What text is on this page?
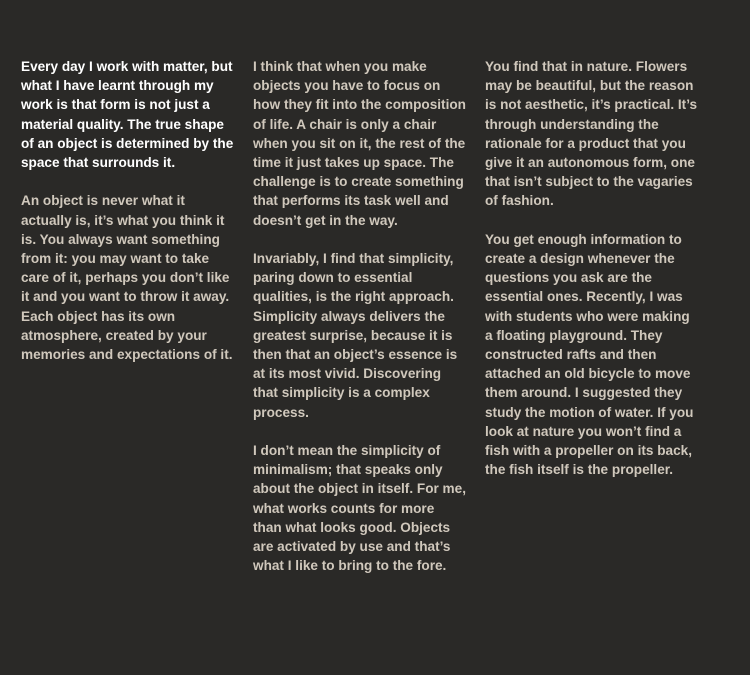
Every day I work with matter, but what I have learnt through my work is that form is not just a material quality. The true shape of an object is determined by the space that surrounds it.

An object is never what it actually is, it’s what you think it is. You always want something from it: you may want to take care of it, perhaps you don’t like it and you want to throw it away. Each object has its own atmosphere, created by your memories and expectations of it.

I think that when you make objects you have to focus on how they fit into the composition of life. A chair is only a chair when you sit on it, the rest of the time it just takes up space. The challenge is to create something that performs its task well and doesn’t get in the way.

Invariably, I find that simplicity, paring down to essential qualities, is the right approach. Simplicity always delivers the greatest surprise, because it is then that an object’s essence is at its most vivid. Discovering that simplicity is a complex process.

I don’t mean the simplicity of minimalism; that speaks only about the object in itself. For me, what works counts for more than what looks good. Objects are activated by use and that’s what I like to bring to the fore.

You find that in nature. Flowers may be beautiful, but the reason is not aesthetic, it’s practical. It’s through understanding the rationale for a product that you give it an autonomous form, one that isn’t subject to the vagaries of fashion.

You get enough information to create a design whenever the questions you ask are the essential ones. Recently, I was with students who were making a floating playground. They constructed rafts and then attached an old bicycle to move them around. I suggested they study the motion of water. If you look at nature you won’t find a fish with a propeller on its back, the fish itself is the propeller.
